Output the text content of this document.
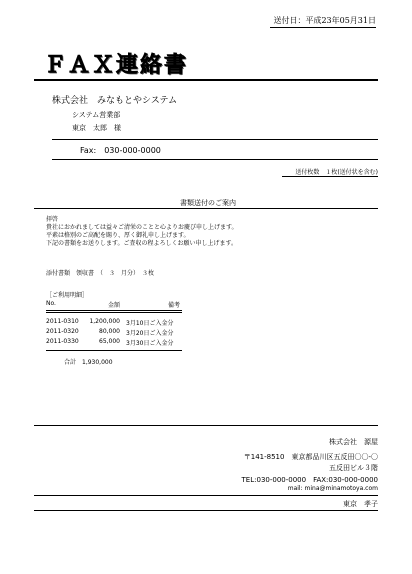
送付日：平成23年05月31日
ＦＡＸ連絡書
株式会社　みなもとやシステム
システム営業部
東京　太郎　様
Fax:　030-000-0000
送付枚数　１枚(送付状を含む)
書類送付のご案内
拝啓
貴社におかれましては益々ご清栄のことと心よりお慶び申し上げます。
平素は格別のご高配を賜り、厚く御礼申し上げます。
下記の書類をお送りします。ご査収の程よろしくお願い申し上げます。
添付書類　領収書　（　３　月分）　３枚
［ご利用明細］
No.	金額	備考
2011-0310	1,200,000 3月10日ご入金分
2011-0320	80,000 3月20日ご入金分
2011-0330	65,000 3月30日ご入金分
合計　1,930,000
株式会社　源屋
〒141-8510　東京都品川区五反田〇〇-〇
五反田ビル３階
TEL:030-000-0000　FAX:030-000-0000
mail: mina@minamotoya.com
東京　孝子
